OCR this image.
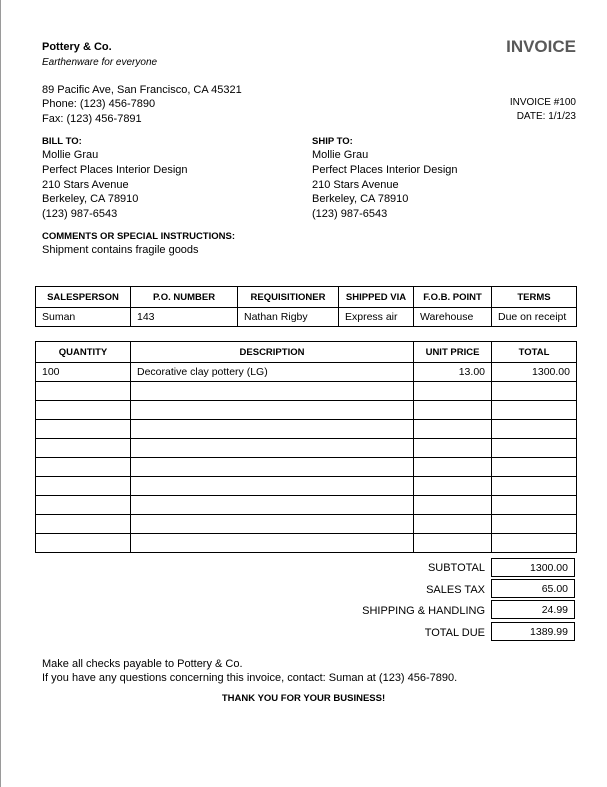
Pottery & Co.
Earthenware for everyone
INVOICE
89 Pacific Ave, San Francisco, CA 45321
Phone: (123) 456-7890
Fax: (123) 456-7891
INVOICE #100
DATE: 1/1/23
BILL TO:
Mollie Grau
Perfect Places Interior Design
210 Stars Avenue
Berkeley, CA 78910
(123) 987-6543
SHIP TO:
Mollie Grau
Perfect Places Interior Design
210 Stars Avenue
Berkeley, CA 78910
(123) 987-6543
COMMENTS OR SPECIAL INSTRUCTIONS:
Shipment contains fragile goods
SALESPERSON	P.O. NUMBER	REQUISITIONER	SHIPPED VIA	F.O.B. POINT	TERMS
Suman	143	Nathan Rigby	Express air	Warehouse	Due on receipt
QUANTITY	DESCRIPTION	UNIT PRICE	TOTAL
100	Decorative clay pottery (LG)	13.00	1300.00

SUBTOTAL	1300.00
SALES TAX	65.00
SHIPPING & HANDLING	24.99
TOTAL DUE	1389.99
Make all checks payable to Pottery & Co.
If you have any questions concerning this invoice, contact: Suman at (123) 456-7890.
THANK YOU FOR YOUR BUSINESS!
